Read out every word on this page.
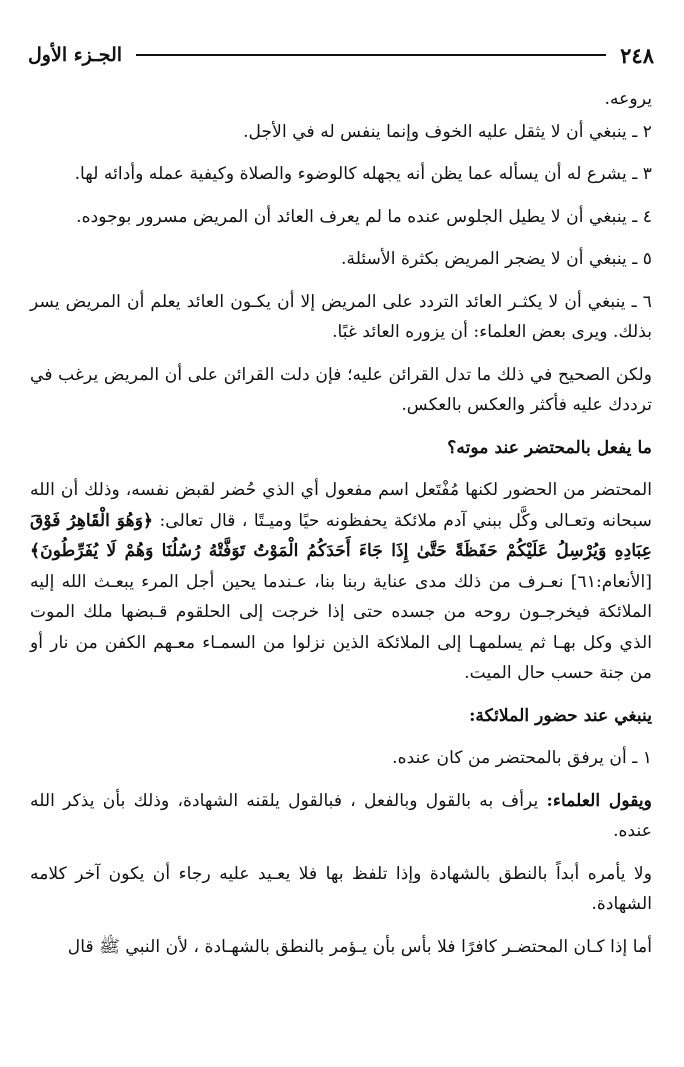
الجـزء الأول	٢٤٨

يروعه.

٢ ـ ينبغي أن لا يثقل عليه الخوف وإنما ينفس له في الأجل.

٣ ـ يشرع له أن يسأله عما يظن أنه يجهله كالوضوء والصلاة وكيفية عمله وأدائه لها.

٤ ـ ينبغي أن لا يطيل الجلوس عنده ما لم يعرف العائد أن المريض مسرور بوجوده.

٥ ـ ينبغي أن لا يضجر المريض بكثرة الأسئلة.

٦ ـ ينبغي أن لا يكثـر العائد التردد على المريض إلا أن يكـون العائد يعلم أن المريض يسر بذلك. ويرى بعض العلماء: أن يزوره العائد غبًا.

ولكن الصحيح في ذلك ما تدل القرائن عليه؛ فإن دلت القرائن على أن المريض يرغب في ترددك عليه فأكثر والعكس بالعكس.

ما يفعل بالمحتضر عند موته؟

المحتضر من الحضور لكنها مُفْتَعل اسم مفعول أي الذي حُضر لقبض نفسه، وذلك أن الله سبحانه وتعـالى وكَّل ببني آدم ملائكة يحفظونه حيًا وميـتًا ، قال تعالى: ﴿وَهُوَ الْقَاهِرُ فَوْقَ عِبَادِهِ وَيُرْسِلُ عَلَيْكُمْ حَفَظَةً حَتَّىٰ إِذَا جَاءَ أَحَدَكُمُ الْمَوْتُ تَوَفَّتْهُ رُسُلُنَا وَهُمْ لَا يُفَرِّطُونَ﴾ [الأنعام:٦١] نعـرف من ذلك مدى عناية ربنا بنا، عـندما يحين أجل المرء يبعـث الله إليه الملائكة فيخرجـون روحه من جسده حتى إذا خرجت إلى الحلقوم قـبضها ملك الموت الذي وكل بهـا ثم يسلمهـا إلى الملائكة الذين نزلوا من السمـاء معـهم الكفن من نار أو من جنة حسب حال الميت.

ينبغي عند حضور الملائكة:

١ ـ أن يرفق بالمحتضر من كان عنده.

ويقول العلماء: يرأف به بالقول وبالفعل ، فبالقول يلقنه الشهادة، وذلك بأن يذكر الله عنده.

ولا يأمره أبداً بالنطق بالشهادة وإذا تلفظ بها فلا يعـيد عليه رجاء أن يكون آخر كلامه الشهادة.

أما إذا كـان المحتضـر كافرًا فلا بأس بأن يـؤمر بالنطق بالشهـادة ، لأن النبي ﷺ قال
